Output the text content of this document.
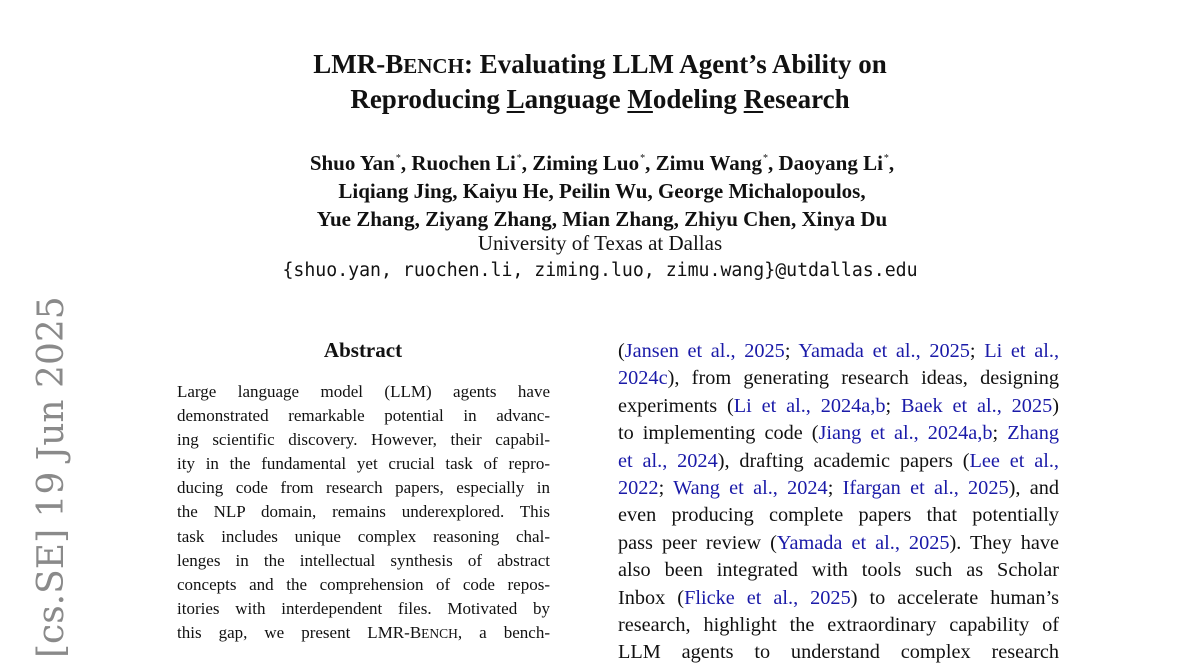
[cs.SE] 19 Jun 2025
LMR-BENCH: Evaluating LLM Agent’s Ability on
Reproducing Language Modeling Research
Shuo Yan*, Ruochen Li*, Ziming Luo*, Zimu Wang*, Daoyang Li*,
Liqiang Jing, Kaiyu He, Peilin Wu, George Michalopoulos,
Yue Zhang, Ziyang Zhang, Mian Zhang, Zhiyu Chen, Xinya Du
University of Texas at Dallas
{shuo.yan, ruochen.li, ziming.luo, zimu.wang}@utdallas.edu
Abstract
Large language model (LLM) agents have
demonstrated remarkable potential in advanc-
ing scientific discovery. However, their capabil-
ity in the fundamental yet crucial task of repro-
ducing code from research papers, especially in
the NLP domain, remains underexplored. This
task includes unique complex reasoning chal-
lenges in the intellectual synthesis of abstract
concepts and the comprehension of code repos-
itories with interdependent files. Motivated by
this gap, we present LMR-BENCH, a bench-
(Jansen et al., 2025; Yamada et al., 2025; Li et al.,
2024c), from generating research ideas, designing
experiments (Li et al., 2024a,b; Baek et al., 2025)
to implementing code (Jiang et al., 2024a,b; Zhang
et al., 2024), drafting academic papers (Lee et al.,
2022; Wang et al., 2024; Ifargan et al., 2025), and
even producing complete papers that potentially
pass peer review (Yamada et al., 2025). They have
also been integrated with tools such as Scholar
Inbox (Flicke et al., 2025) to accelerate human’s
research, highlight the extraordinary capability of
LLM agents to understand complex research
